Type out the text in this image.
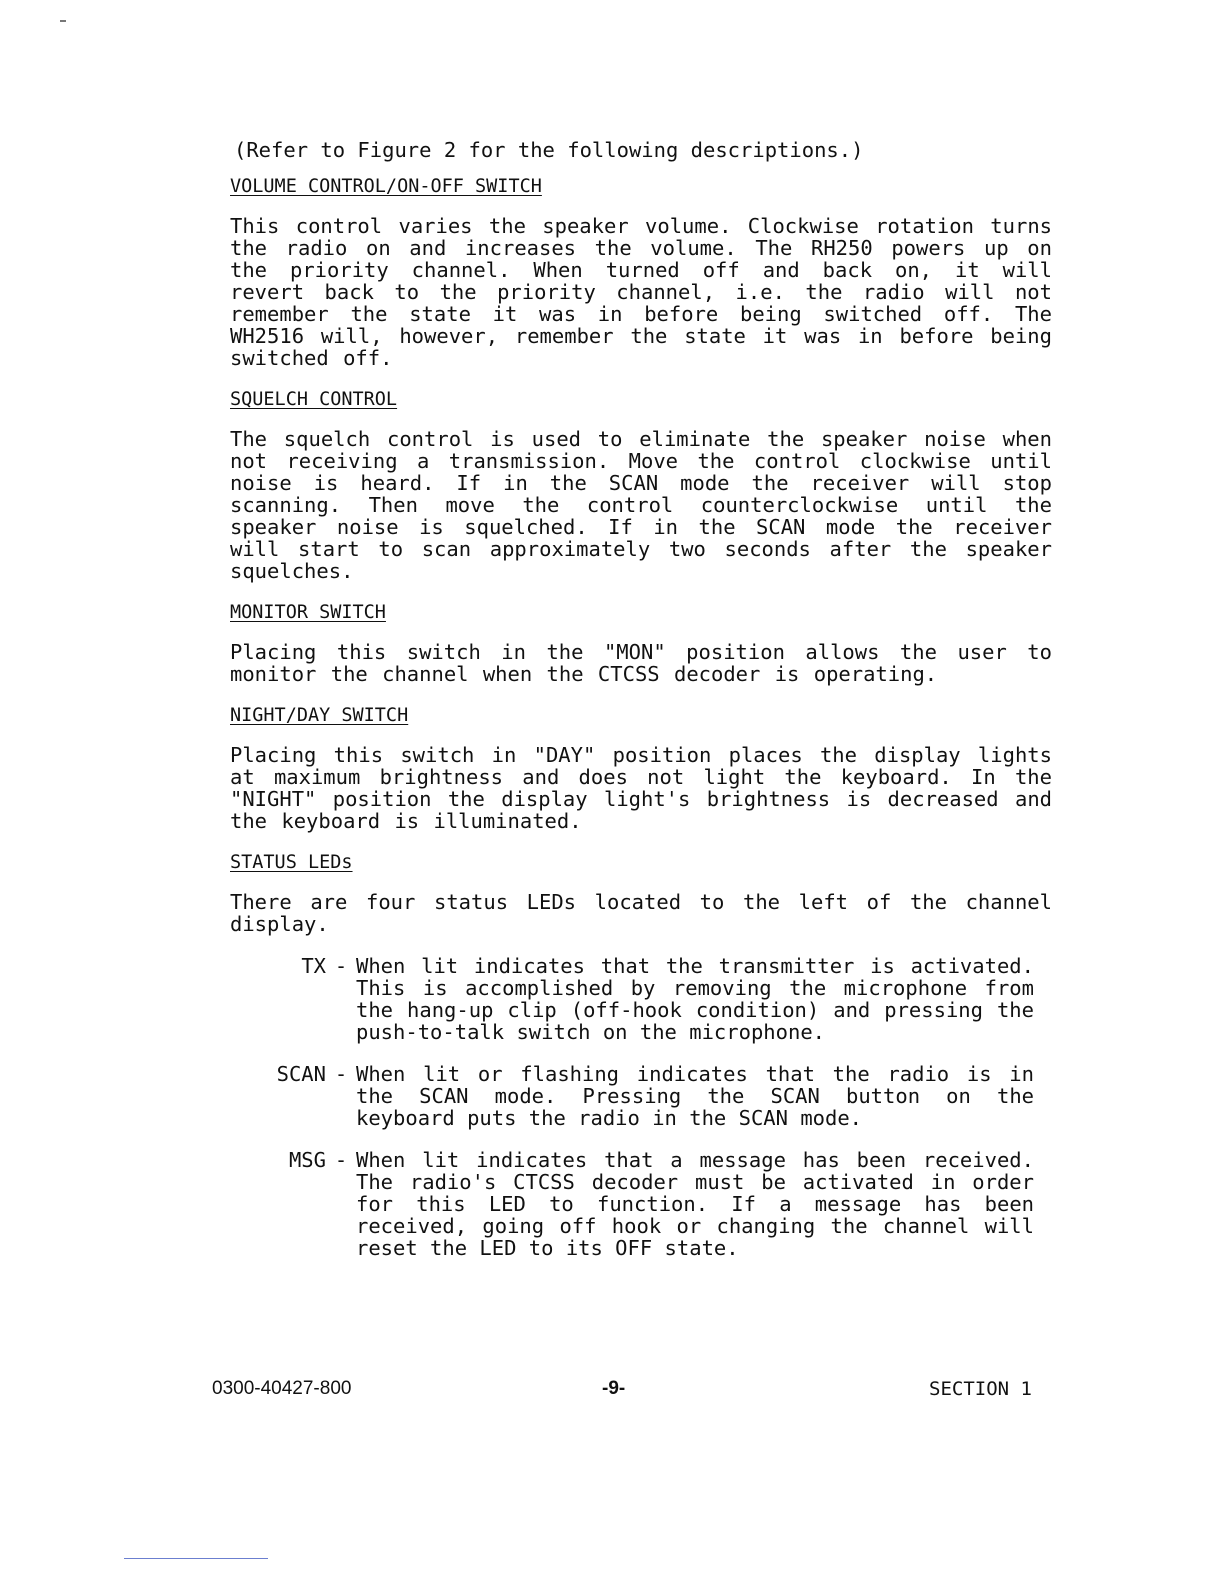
(Refer to Figure 2 for the following descriptions.)
VOLUME CONTROL/ON-OFF SWITCH
This control varies the speaker volume. Clockwise rotation turns the radio on and increases the volume. The RH250 powers up on the priority channel. When turned off and back on, it will revert back to the priority channel, i.e. the radio will not remember the state it was in before being switched off. The WH2516 will, however, remember the state it was in before being switched off.
SQUELCH CONTROL
The squelch control is used to eliminate the speaker noise when not receiving a transmission. Move the control clockwise until noise is heard. If in the SCAN mode the receiver will stop scanning. Then move the control counterclockwise until the speaker noise is squelched. If in the SCAN mode the receiver will start to scan approximately two seconds after the speaker squelches.
MONITOR SWITCH
Placing this switch in the "MON" position allows the user to monitor the channel when the CTCSS decoder is operating.
NIGHT/DAY SWITCH
Placing this switch in "DAY" position places the display lights at maximum brightness and does not light the keyboard. In the "NIGHT" position the display light's brightness is decreased and the keyboard is illuminated.
STATUS LEDs
There are four status LEDs located to the left of the channel display.
TX - When lit indicates that the transmitter is activated. This is accomplished by removing the microphone from the hang-up clip (off-hook condition) and pressing the push-to-talk switch on the microphone.
SCAN - When lit or flashing indicates that the radio is in the SCAN mode. Pressing the SCAN button on the keyboard puts the radio in the SCAN mode.
MSG - When lit indicates that a message has been received. The radio's CTCSS decoder must be activated in order for this LED to function. If a message has been received, going off hook or changing the channel will reset the LED to its OFF state.
0300-40427-800	-9-	SECTION 1
